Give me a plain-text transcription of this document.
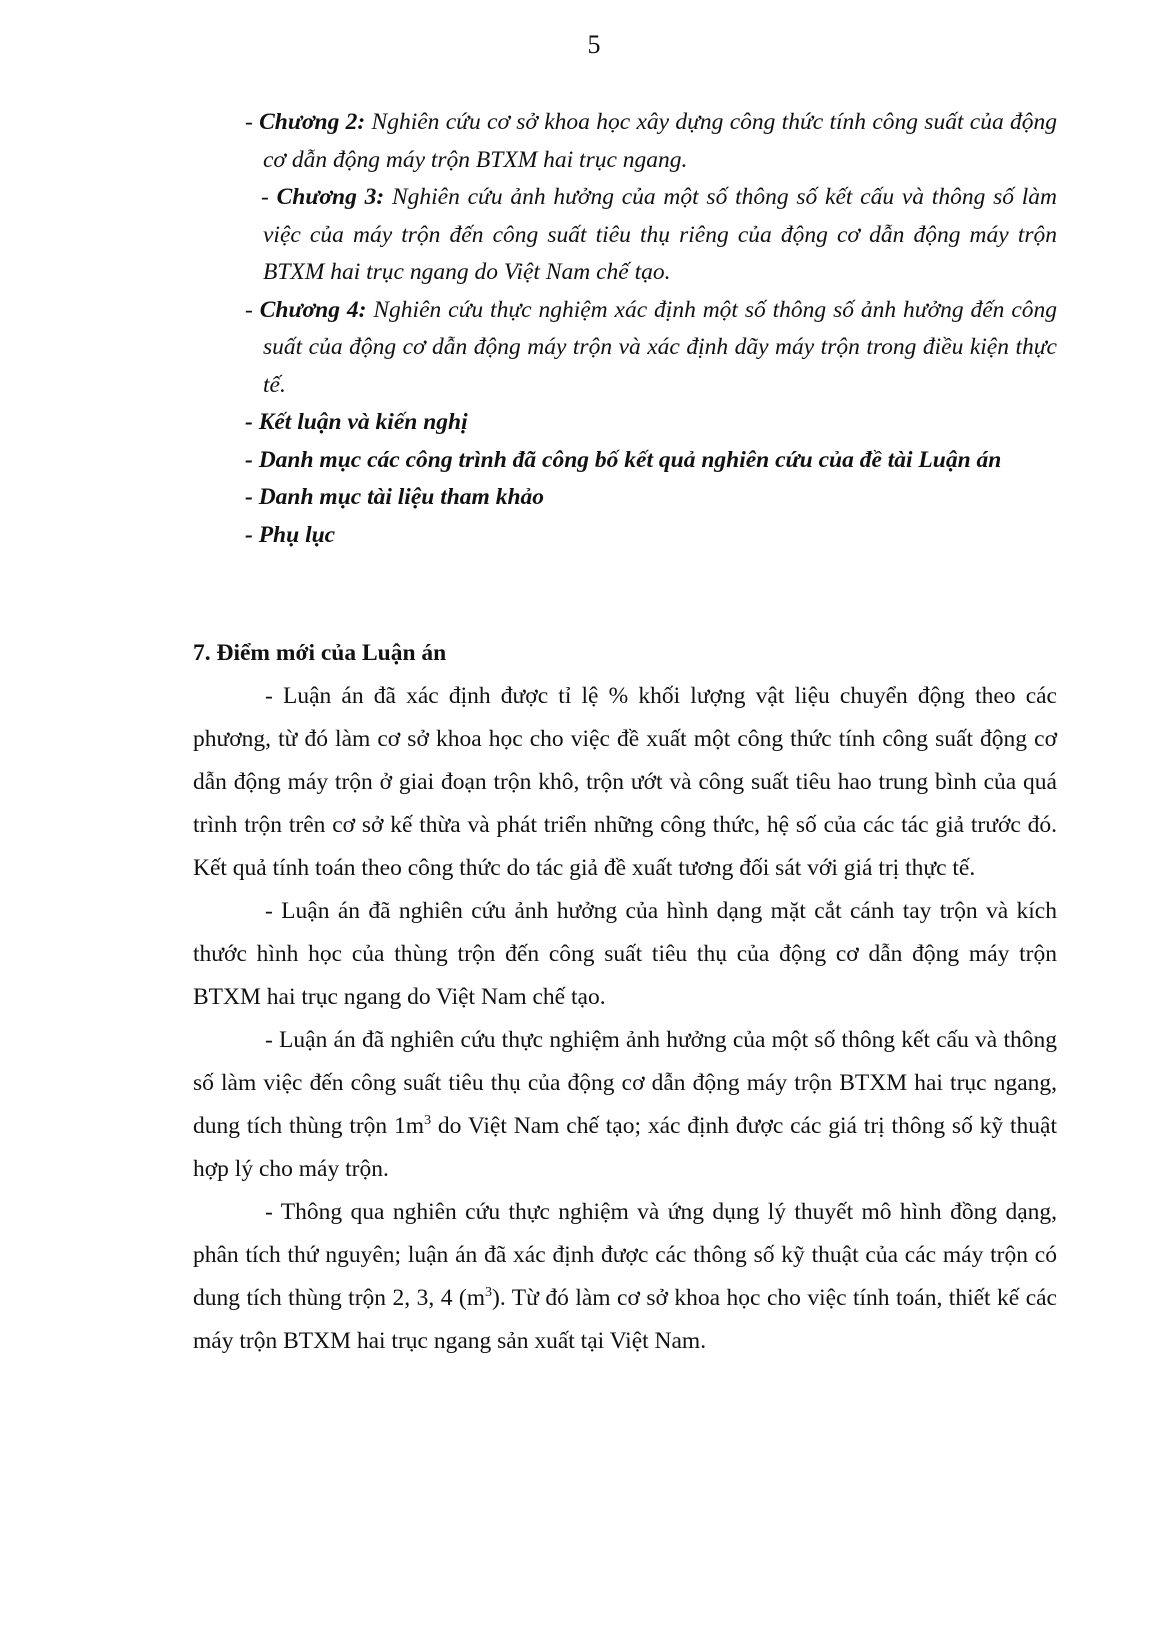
5

- Chương 2: Nghiên cứu cơ sở khoa học xây dựng công thức tính công suất của động cơ dẫn động máy trộn BTXM hai trục ngang.

- Chương 3: Nghiên cứu ảnh hưởng của một số thông số kết cấu và thông số làm việc của máy trộn đến công suất tiêu thụ riêng của động cơ dẫn động máy trộn BTXM hai trục ngang do Việt Nam chế tạo.

- Chương 4: Nghiên cứu thực nghiệm xác định một số thông số ảnh hưởng đến công suất của động cơ dẫn động máy trộn và xác định dãy máy trộn trong điều kiện thực tế.

- Kết luận và kiến nghị

- Danh mục các công trình đã công bố kết quả nghiên cứu của đề tài Luận án

- Danh mục tài liệu tham khảo

- Phụ lục

7. Điểm mới của Luận án

- Luận án đã xác định được tỉ lệ % khối lượng vật liệu chuyển động theo các phương, từ đó làm cơ sở khoa học cho việc đề xuất một công thức tính công suất động cơ dẫn động máy trộn ở giai đoạn trộn khô, trộn ướt và công suất tiêu hao trung bình của quá trình trộn trên cơ sở kế thừa và phát triển những công thức, hệ số của các tác giả trước đó. Kết quả tính toán theo công thức do tác giả đề xuất tương đối sát với giá trị thực tế.

- Luận án đã nghiên cứu ảnh hưởng của hình dạng mặt cắt cánh tay trộn và kích thước hình học của thùng trộn đến công suất tiêu thụ của động cơ dẫn động máy trộn BTXM hai trục ngang do Việt Nam chế tạo.

- Luận án đã nghiên cứu thực nghiệm ảnh hưởng của một số thông kết cấu và thông số làm việc đến công suất tiêu thụ của động cơ dẫn động máy trộn BTXM hai trục ngang, dung tích thùng trộn $1m^3$ do Việt Nam chế tạo; xác định được các giá trị thông số kỹ thuật hợp lý cho máy trộn.

- Thông qua nghiên cứu thực nghiệm và ứng dụng lý thuyết mô hình đồng dạng, phân tích thứ nguyên; luận án đã xác định được các thông số kỹ thuật của các máy trộn có dung tích thùng trộn 2, 3, 4 $(m^3)$. Từ đó làm cơ sở khoa học cho việc tính toán, thiết kế các máy trộn BTXM hai trục ngang sản xuất tại Việt Nam.
